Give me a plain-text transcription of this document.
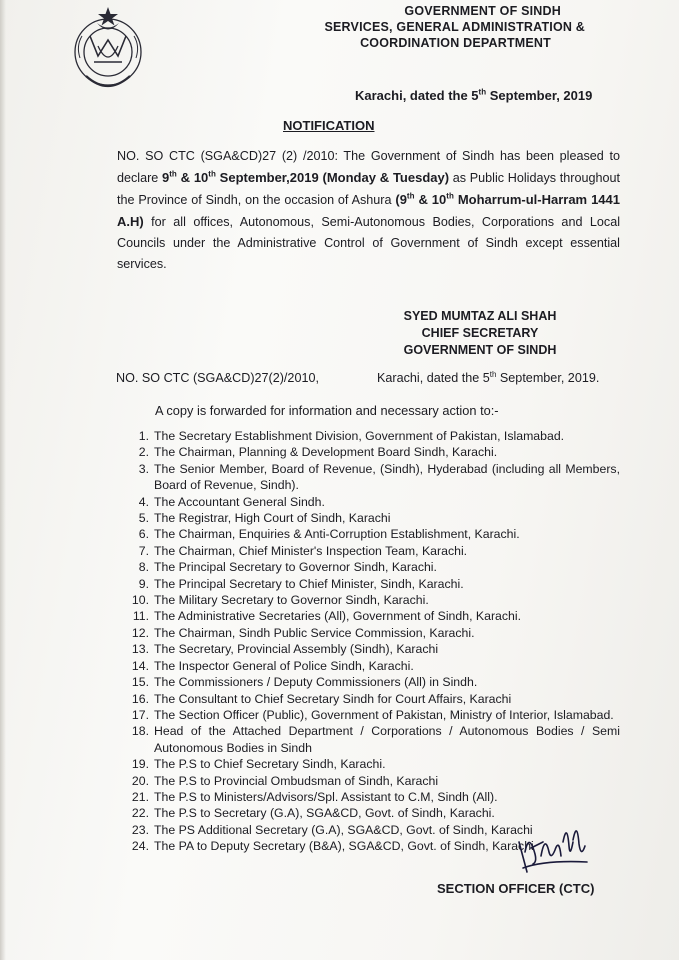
GOVERNMENT OF SINDH
SERVICES, GENERAL ADMINISTRATION &
COORDINATION DEPARTMENT
Karachi, dated the 5th September, 2019
NOTIFICATION
NO. SO CTC (SGA&CD)27 (2) /2010: The Government of Sindh has been pleased to declare 9th & 10th September,2019 (Monday & Tuesday) as Public Holidays throughout the Province of Sindh, on the occasion of Ashura (9th & 10th Moharrum-ul-Harram 1441 A.H) for all offices, Autonomous, Semi-Autonomous Bodies, Corporations and Local Councils under the Administrative Control of Government of Sindh except essential services.
SYED MUMTAZ ALI SHAH
CHIEF SECRETARY
GOVERNMENT OF SINDH
NO. SO CTC (SGA&CD)27(2)/2010,	Karachi, dated the 5th September, 2019.
A copy is forwarded for information and necessary action to:-
1. The Secretary Establishment Division, Government of Pakistan, Islamabad.
2. The Chairman, Planning & Development Board Sindh, Karachi.
3. The Senior Member, Board of Revenue, (Sindh), Hyderabad (including all Members, Board of Revenue, Sindh).
4. The Accountant General Sindh.
5. The Registrar, High Court of Sindh, Karachi
6. The Chairman, Enquiries & Anti-Corruption Establishment, Karachi.
7. The Chairman, Chief Minister's Inspection Team, Karachi.
8. The Principal Secretary to Governor Sindh, Karachi.
9. The Principal Secretary to Chief Minister, Sindh, Karachi.
10. The Military Secretary to Governor Sindh, Karachi.
11. The Administrative Secretaries (All), Government of Sindh, Karachi.
12. The Chairman, Sindh Public Service Commission, Karachi.
13. The Secretary, Provincial Assembly (Sindh), Karachi
14. The Inspector General of Police Sindh, Karachi.
15. The Commissioners / Deputy Commissioners (All) in Sindh.
16. The Consultant to Chief Secretary Sindh for Court Affairs, Karachi
17. The Section Officer (Public), Government of Pakistan, Ministry of Interior, Islamabad.
18. Head of the Attached Department / Corporations / Autonomous Bodies / Semi Autonomous Bodies in Sindh
19. The P.S to Chief Secretary Sindh, Karachi.
20. The P.S to Provincial Ombudsman of Sindh, Karachi
21. The P.S to Ministers/Advisors/Spl. Assistant to C.M, Sindh (All).
22. The P.S to Secretary (G.A), SGA&CD, Govt. of Sindh, Karachi.
23. The PS Additional Secretary (G.A), SGA&CD, Govt. of Sindh, Karachi
24. The PA to Deputy Secretary (B&A), SGA&CD, Govt. of Sindh, Karachi
SECTION OFFICER (CTC)
